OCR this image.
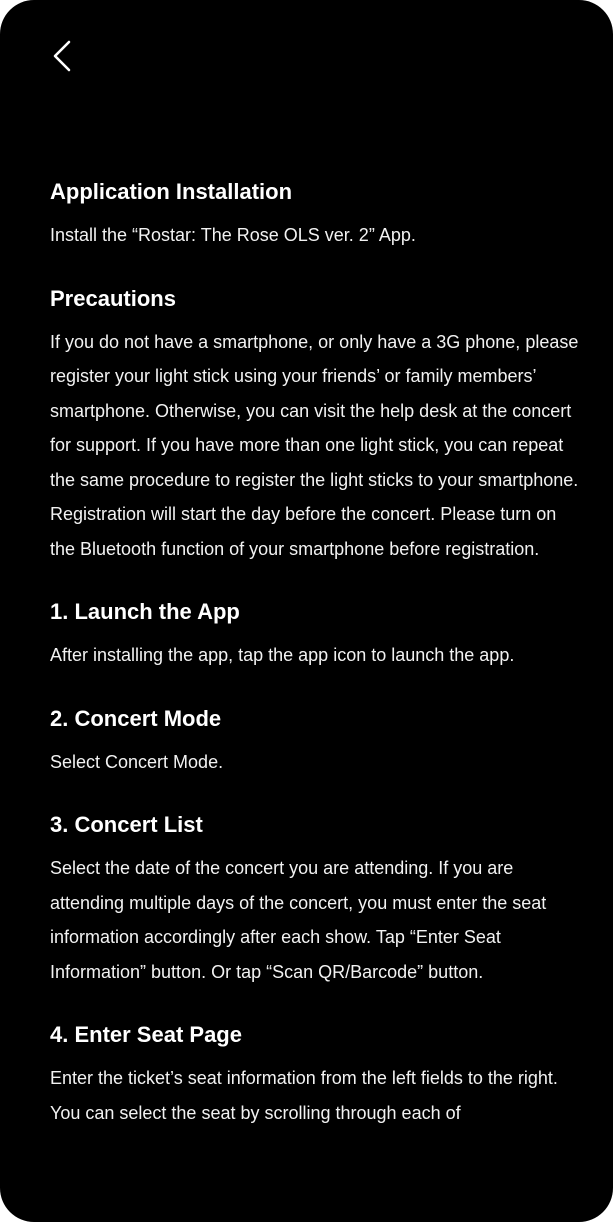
Application Installation

Install the “Rostar: The Rose OLS ver. 2” App.

Precautions

If you do not have a smartphone, or only have a 3G phone, please register your light stick using your friends’ or family members’ smartphone. Otherwise, you can visit the help desk at the concert for support. If you have more than one light stick, you can repeat the same procedure to register the light sticks to your smartphone. Registration will start the day before the concert. Please turn on the Bluetooth function of your smartphone before registration.

1. Launch the App

After installing the app, tap the app icon to launch the app.

2. Concert Mode

Select Concert Mode.

3. Concert List

Select the date of the concert you are attending. If you are attending multiple days of the concert, you must enter the seat information accordingly after each show. Tap “Enter Seat Information” button. Or tap “Scan QR/Barcode” button.

4. Enter Seat Page

Enter the ticket’s seat information from the left fields to the right. You can select the seat by scrolling through each of
